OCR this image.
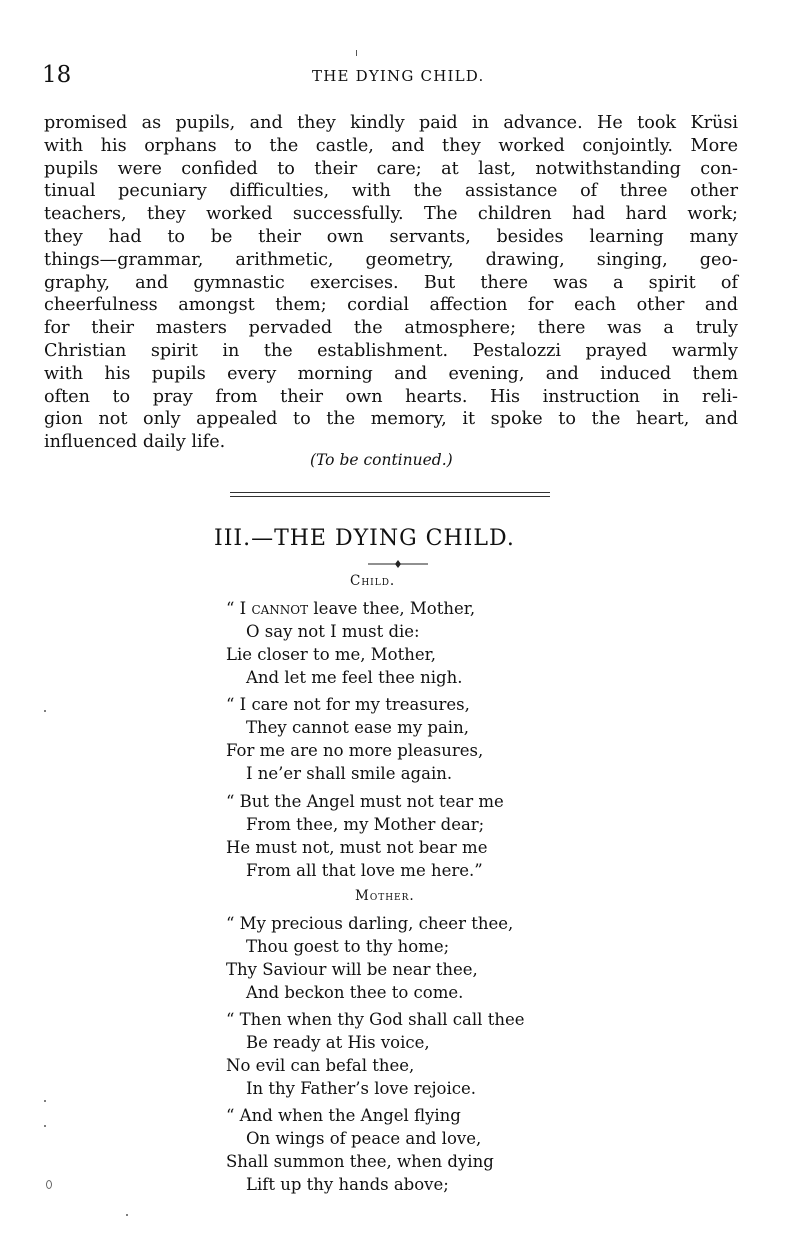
18	THE DYING CHILD.
promised as pupils, and they kindly paid in advance. He took Krüsi
with his orphans to the castle, and they worked conjointly. More
pupils were confided to their care; at last, notwithstanding con-
tinual pecuniary difficulties, with the assistance of three other
teachers, they worked successfully. The children had hard work;
they had to be their own servants, besides learning many
things—grammar, arithmetic, geometry, drawing, singing, geo-
graphy, and gymnastic exercises. But there was a spirit of
cheerfulness amongst them; cordial affection for each other and
for their masters pervaded the atmosphere; there was a truly
Christian spirit in the establishment. Pestalozzi prayed warmly
with his pupils every morning and evening, and induced them
often to pray from their own hearts. His instruction in reli-
gion not only appealed to the memory, it spoke to the heart, and
influenced daily life.
(To be continued.)
III.—THE DYING CHILD.
Child.
“ I cannot leave thee, Mother,
O say not I must die:
Lie closer to me, Mother,
And let me feel thee nigh.
“ I care not for my treasures,
They cannot ease my pain,
For me are no more pleasures,
I ne’er shall smile again.
“ But the Angel must not tear me
From thee, my Mother dear;
He must not, must not bear me
From all that love me here.”
Mother.
“ My precious darling, cheer thee,
Thou goest to thy home;
Thy Saviour will be near thee,
And beckon thee to come.
“ Then when thy God shall call thee
Be ready at His voice,
No evil can befal thee,
In thy Father’s love rejoice.
“ And when the Angel flying
On wings of peace and love,
Shall summon thee, when dying
Lift up thy hands above;
